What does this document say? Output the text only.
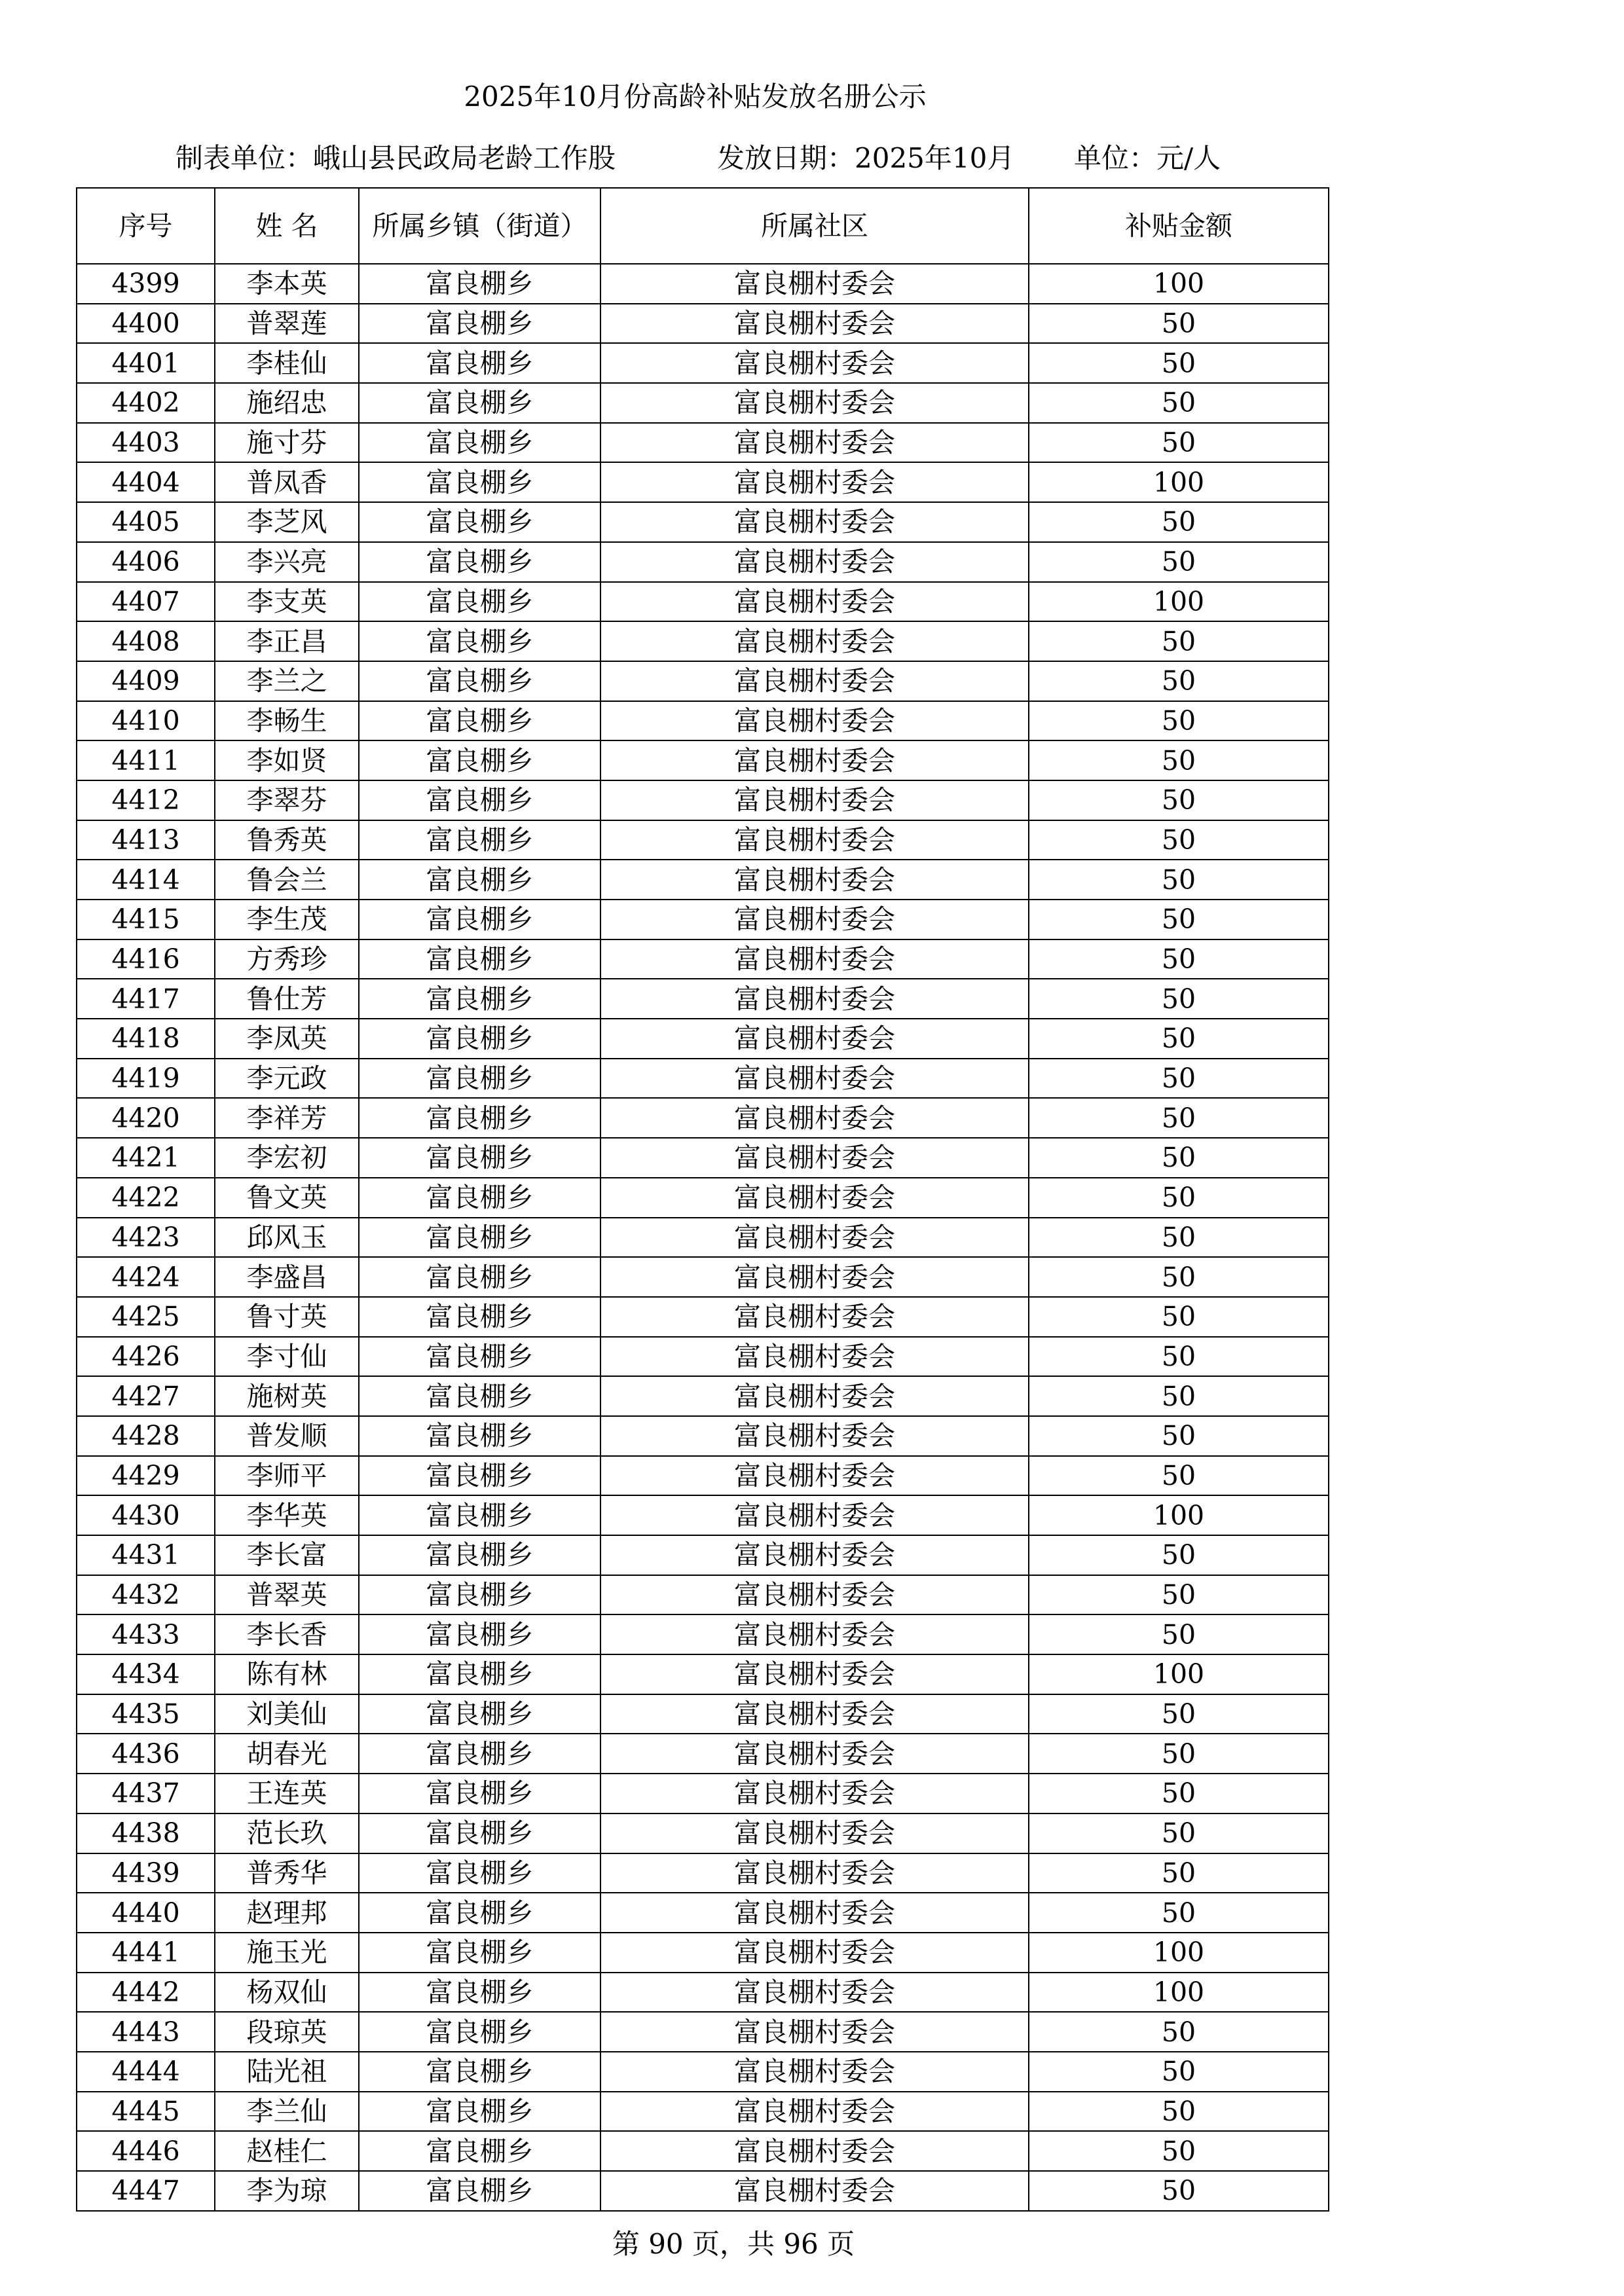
2025年10月份高龄补贴发放名册公示
制表单位：峨山县民政局老龄工作股	发放日期：2025年10月 单位：元/人
序号	姓 名	所属乡镇（街道）	所属社区	补贴金额
4399	李本英	富良棚乡	富良棚村委会	100
4400	普翠莲	富良棚乡	富良棚村委会	50
4401	李桂仙	富良棚乡	富良棚村委会	50
4402	施绍忠	富良棚乡	富良棚村委会	50
4403	施寸芬	富良棚乡	富良棚村委会	50
4404	普凤香	富良棚乡	富良棚村委会	100
4405	李芝风	富良棚乡	富良棚村委会	50
4406	李兴亮	富良棚乡	富良棚村委会	50
4407	李支英	富良棚乡	富良棚村委会	100
4408	李正昌	富良棚乡	富良棚村委会	50
4409	李兰之	富良棚乡	富良棚村委会	50
4410	李畅生	富良棚乡	富良棚村委会	50
4411	李如贤	富良棚乡	富良棚村委会	50
4412	李翠芬	富良棚乡	富良棚村委会	50
4413	鲁秀英	富良棚乡	富良棚村委会	50
4414	鲁会兰	富良棚乡	富良棚村委会	50
4415	李生茂	富良棚乡	富良棚村委会	50
4416	方秀珍	富良棚乡	富良棚村委会	50
4417	鲁仕芳	富良棚乡	富良棚村委会	50
4418	李凤英	富良棚乡	富良棚村委会	50
4419	李元政	富良棚乡	富良棚村委会	50
4420	李祥芳	富良棚乡	富良棚村委会	50
4421	李宏初	富良棚乡	富良棚村委会	50
4422	鲁文英	富良棚乡	富良棚村委会	50
4423	邱风玉	富良棚乡	富良棚村委会	50
4424	李盛昌	富良棚乡	富良棚村委会	50
4425	鲁寸英	富良棚乡	富良棚村委会	50
4426	李寸仙	富良棚乡	富良棚村委会	50
4427	施树英	富良棚乡	富良棚村委会	50
4428	普发顺	富良棚乡	富良棚村委会	50
4429	李师平	富良棚乡	富良棚村委会	50
4430	李华英	富良棚乡	富良棚村委会	100
4431	李长富	富良棚乡	富良棚村委会	50
4432	普翠英	富良棚乡	富良棚村委会	50
4433	李长香	富良棚乡	富良棚村委会	50
4434	陈有林	富良棚乡	富良棚村委会	100
4435	刘美仙	富良棚乡	富良棚村委会	50
4436	胡春光	富良棚乡	富良棚村委会	50
4437	王连英	富良棚乡	富良棚村委会	50
4438	范长玖	富良棚乡	富良棚村委会	50
4439	普秀华	富良棚乡	富良棚村委会	50
4440	赵理邦	富良棚乡	富良棚村委会	50
4441	施玉光	富良棚乡	富良棚村委会	100
4442	杨双仙	富良棚乡	富良棚村委会	100
4443	段琼英	富良棚乡	富良棚村委会	50
4444	陆光祖	富良棚乡	富良棚村委会	50
4445	李兰仙	富良棚乡	富良棚村委会	50
4446	赵桂仁	富良棚乡	富良棚村委会	50
4447	李为琼	富良棚乡	富良棚村委会	50
第 90 页，共 96 页
